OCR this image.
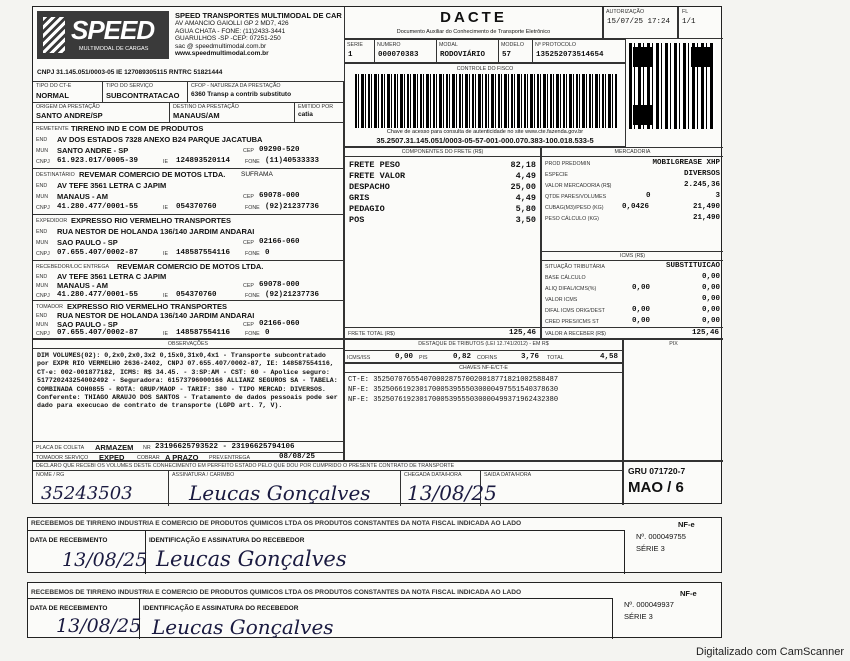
SPEED
MULTIMODAL DE CARGAS
SPEED TRANSPORTES MULTIMODAL DE CAR
AV AMANCIO GAIOLLI GP 2 MD7, 426
AGUA CHATA - FONE: (11)2433-3441
GUARULHOS -SP -CEP: 07251-250
sac @ speedmultimodal.com.br
www.speedmultimodal.com.br
CNPJ 31.145.051/0003-05 IE 127089305115 RNTRC 51821444
DACTE
Documento Auxiliar do Conhecimento de Transporte Eletrônico
AUTORIZAÇÃO
15/07/25 17:24
FL
1/1
SERIE
1
NUMERO
000070383
MODAL
RODOVIÁRIO
MODELO
57
Nº PROTOCOLO
135252073514654
CONTROLE DO FISCO
Chave de acesso para consulta de autenticidade no site www.cte.fazenda.gov.br
35.2507.31.145.051/0003-05-57-001-000.070.383-100.018.533-5
TIPO DO CT-E
NORMAL
TIPO DO SERVIÇO
SUBCONTRATACAO
CFOP - NATUREZA DA PRESTAÇÃO
6360 Transp a contrib substituto
ORIGEM DA PRESTAÇÃO
SANTO ANDRE/SP
DESTINO DA PRESTAÇÃO
MANAUS/AM
EMITIDO POR
catia
REMETENTE TIRRENO IND E COM DE PRODUTOS
END AV DOS ESTADOS 7328 ANEXO B24 PARQUE JACATUBA
MUN SANTO ANDRE - SP	CEP 09290-520
CNPJ 61.923.017/0005-39	IE 124893520114	FONE (11)40533333
DESTINATÁRIO REVEMAR COMERCIO DE MOTOS LTDA. SUFRAMA
END AV TEFE 3561 LETRA C JAPIM
MUN MANAUS - AM	CEP 69078-000
CNPJ 41.280.477/0001-55	IE 054370760	FONE (92)21237736
EXPEDIDOR EXPRESSO RIO VERMELHO TRANSPORTES
END RUA NESTOR DE HOLANDA 136/140 JARDIM ANDARAI
MUN SAO PAULO - SP	CEP 02166-060
CNPJ 07.655.407/0002-87	IE 148587554116	FONE 0
RECEBEDOR/LOC ENTREGA REVEMAR COMERCIO DE MOTOS LTDA.
END AV TEFE 3561 LETRA C JAPIM
MUN MANAUS - AM	CEP 69078-000
CNPJ 41.280.477/0001-55	IE 054370760	FONE (92)21237736
TOMADOR EXPRESSO RIO VERMELHO TRANSPORTES
END RUA NESTOR DE HOLANDA 136/140 JARDIM ANDARAI
MUN SAO PAULO - SP	CEP 02166-060
CNPJ 07.655.407/0002-87	IE 148587554116	FONE 0
COMPONENTES DO FRETE (R$)
FRETE PESO	82,18
FRETE VALOR	4,49
DESPACHO	25,00
GRIS	4,49
PEDAGIO	5,80
POS	3,50
FRETE TOTAL (R$)	125,46
MERCADORIA
PROD PREDOMIN	MOBILGREASE XHP
ESPECIE	DIVERSOS
VALOR MERCADORIA (R$)	2.245,36
QTDE PARES/VOLUMES	0	3
CUBAG(M3)/PESO (KG) 0,0426	21,490
PESO CÁLCULO (KG)	21,490
ICMS (R$)
SITUAÇÃO TRIBUTÁRIA	SUBSTITUICAO
BASE CÁLCULO	0,00
ALIQ DIFAL/ICMS(%)	0,00	0,00
VALOR ICMS	0,00
DIFAL ICMS ORIG/DEST	0,00	0,00
CRED PRES/ICMS ST	0,00	0,00
VALOR A RECEBER (R$)	125,46
OBSERVAÇÕES
DIM VOLUMES(02): 0,2x0,2x0,3x2 0,15x0,31x0,4x1 - Transporte subcontratado por EXPR RIO VERMELHO 2636-2402, CNPJ 07.655.407/0002-87, IE: 148587554116, CT-e: 002-001877182, ICMS: R$ 34.45. - 3:SP:AM - CST: 60 - Apolice seguro: 517720243254002492 - Seguradora: 61573796000166 ALLIANZ SEGUROS SA - TABELA: COMBINADA COH0855 - ROTA: GRUP/MAOP - TARIF: 380 - TIPO MERCAD: DIVERSOS. Conferente: THIAGO ARAUJO DOS SANTOS - Tratamento de dados pessoais pode ser dado para execucao de contrato de transporte (LGPD art. 7, V).
PLACA DE COLETA ARMAZEM NR 23196625793522 - 23196625794106
TOMADOR SERVIÇO EXPED COBRAR A PRAZO PREV.ENTREGA	08/08/25
DESTAQUE DE TRIBUTOS (LEI 12.741/2012) - EM R$
ICMS/ISS	0,00 PIS	0,82 COFINS	3,76 TOTAL	4,58
CHAVES NF-E/CT-E
CT-E: 35250707655407000287570020018771821002588487
NF-E: 35250661923017000539555030000497551540378630
NF-E: 35250761923017000539555030000499371962432380
PIX
DECLARO QUE RECEBI OS VOLUMES DESTE CONHECIMENTO EM PERFEITO ESTADO PELO QUE DOU POR CUMPRIDO O PRESENTE CONTRATO DE TRANSPORTE
NOME / RG
35243503
ASSINATURA / CARIMBO
Leucas Gonçalves
CHEGADA DATA/HORA
13/08/25
SAIDA DATA/HORA	GRU 071720-7
MAO / 6
RECEBEMOS DE TIRRENO INDUSTRIA E COMERCIO DE PRODUTOS QUIMICOS LTDA OS PRODUTOS CONSTANTES DA NOTA FISCAL INDICADA AO LADO
DATA DE RECEBIMENTO
13/08/25
IDENTIFICAÇÃO E ASSINATURA DO RECEBEDOR
Leucas Gonçalves
NF-e
Nº. 000049755
SÉRIE 3
RECEBEMOS DE TIRRENO INDUSTRIA E COMERCIO DE PRODUTOS QUIMICOS LTDA OS PRODUTOS CONSTANTES DA NOTA FISCAL INDICADA AO LADO
DATA DE RECEBIMENTO
13/08/25
IDENTIFICAÇÃO E ASSINATURA DO RECEBEDOR
Leucas Gonçalves
NF-e
Nº. 000049937
SÉRIE 3
Digitalizado com CamScanner
